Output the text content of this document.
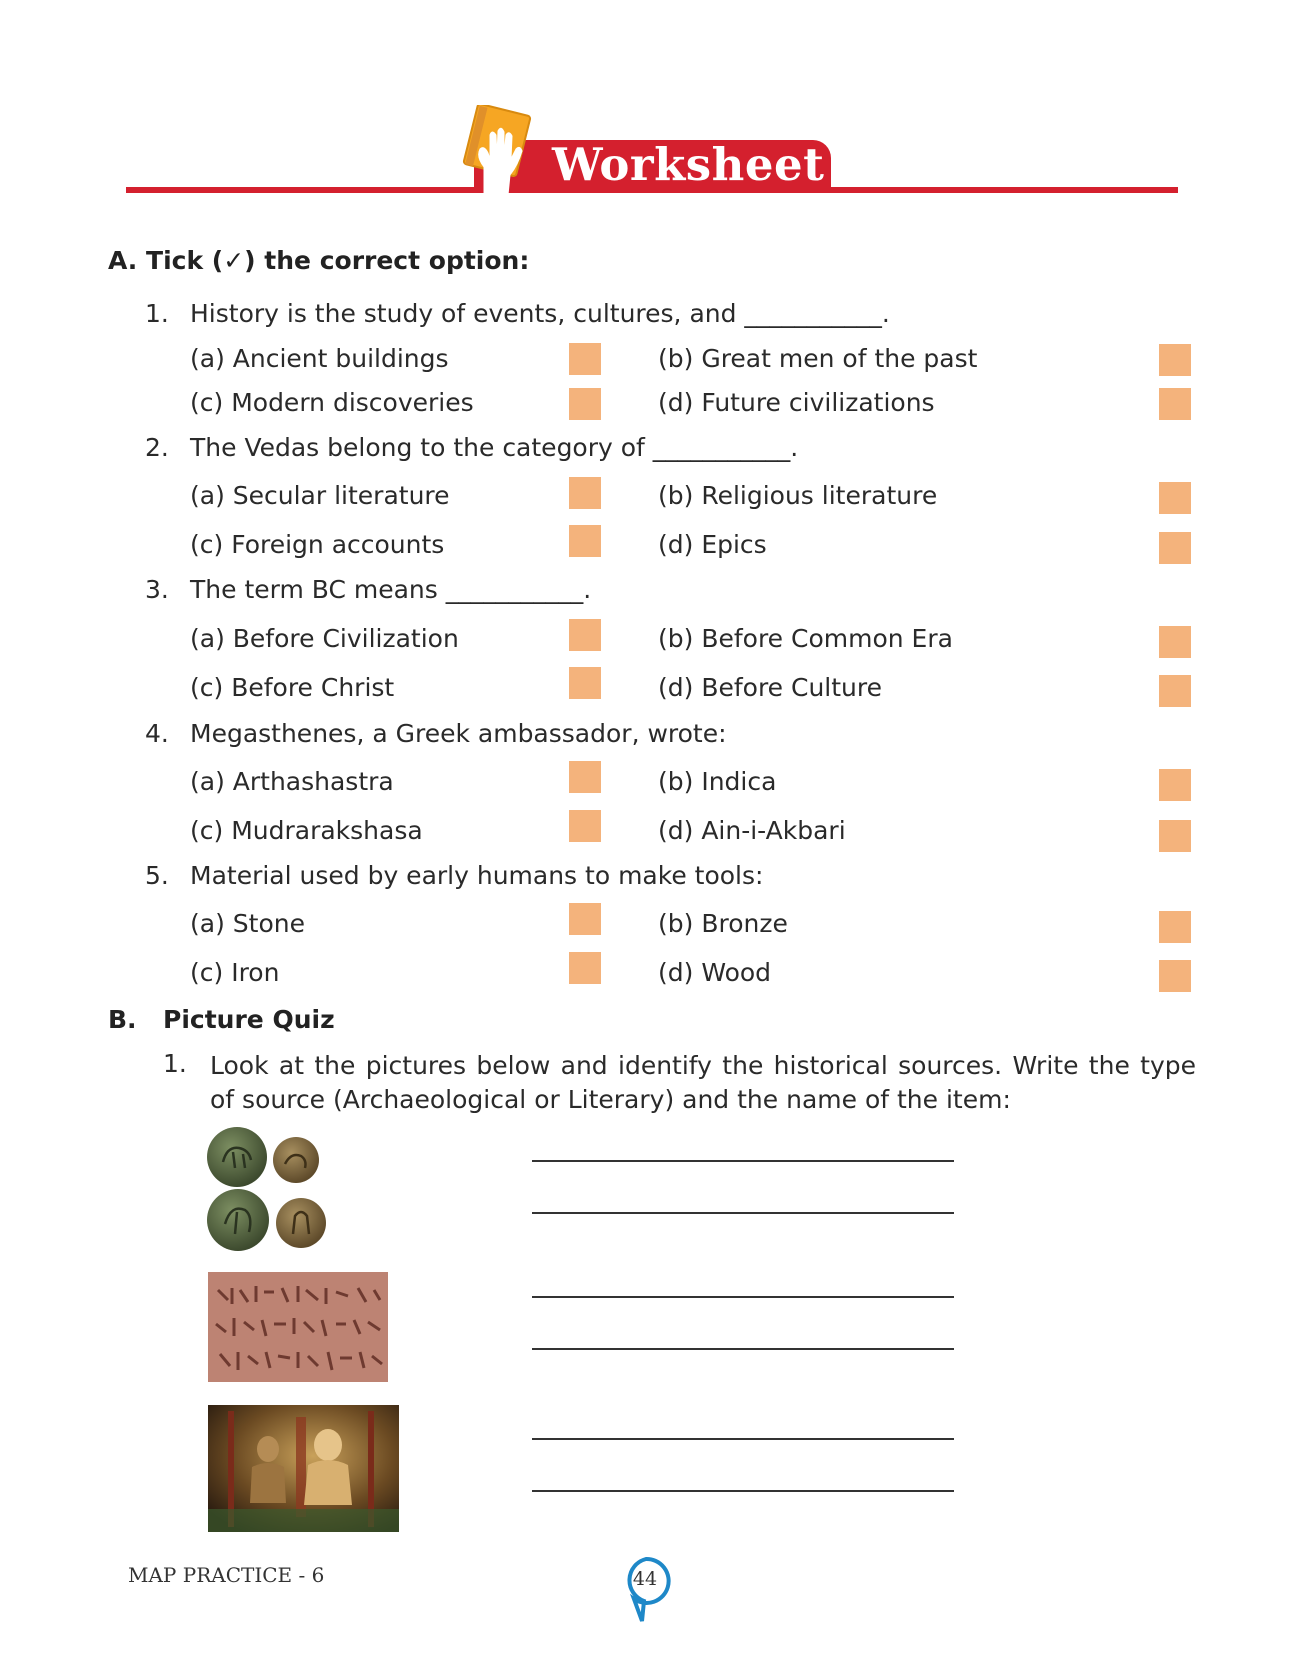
Worksheet
A. Tick (✓) the correct option:
1. History is the study of events, cultures, and ___________.
(a) Ancient buildings	(b) Great men of the past
(c) Modern discoveries	(d) Future civilizations
2. The Vedas belong to the category of ___________.
(a) Secular literature	(b) Religious literature
(c) Foreign accounts	(d) Epics
3. The term BC means ___________.
(a) Before Civilization	(b) Before Common Era
(c) Before Christ	(d) Before Culture
4. Megasthenes, a Greek ambassador, wrote:
(a) Arthashastra	(b) Indica
(c) Mudrarakshasa	(d) Ain-i-Akbari
5. Material used by early humans to make tools:
(a) Stone	(b) Bronze
(c) Iron	(d) Wood
B. Picture Quiz
1. Look at the pictures below and identify the historical sources. Write the type of source (Archaeological or Literary) and the name of the item:
MAP PRACTICE - 6	44
